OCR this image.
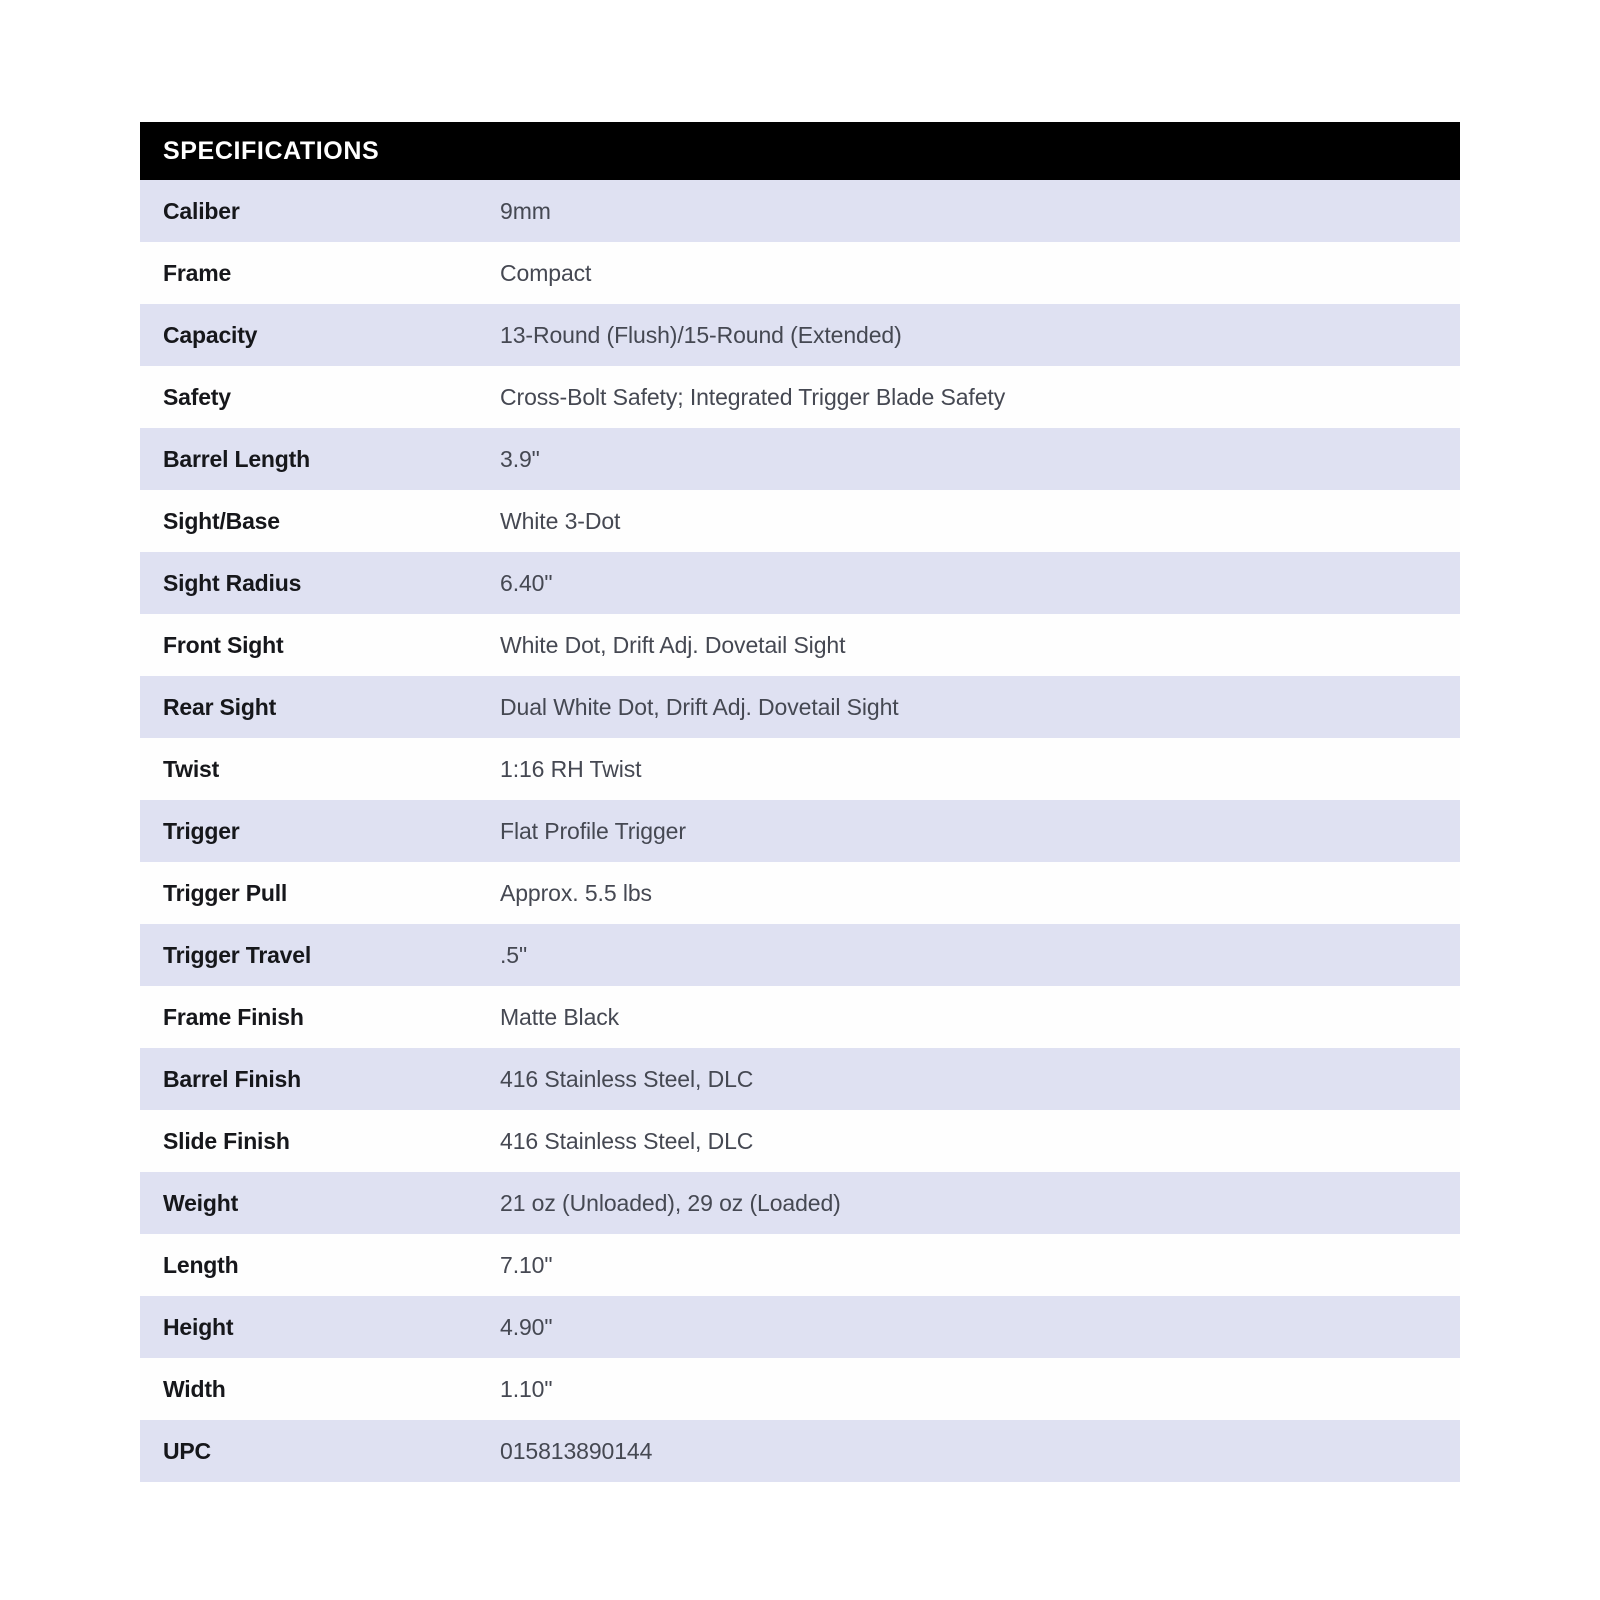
SPECIFICATIONS
Caliber	9mm
Frame	Compact
Capacity	13-Round (Flush)/15-Round (Extended)
Safety	Cross-Bolt Safety; Integrated Trigger Blade Safety
Barrel Length	3.9"
Sight/Base	White 3-Dot
Sight Radius	6.40"
Front Sight	White Dot, Drift Adj. Dovetail Sight
Rear Sight	Dual White Dot, Drift Adj. Dovetail Sight
Twist	1:16 RH Twist
Trigger	Flat Profile Trigger
Trigger Pull	Approx. 5.5 lbs
Trigger Travel	.5"
Frame Finish	Matte Black
Barrel Finish	416 Stainless Steel, DLC
Slide Finish	416 Stainless Steel, DLC
Weight	21 oz (Unloaded), 29 oz (Loaded)
Length	7.10"
Height	4.90"
Width	1.10"
UPC	015813890144
